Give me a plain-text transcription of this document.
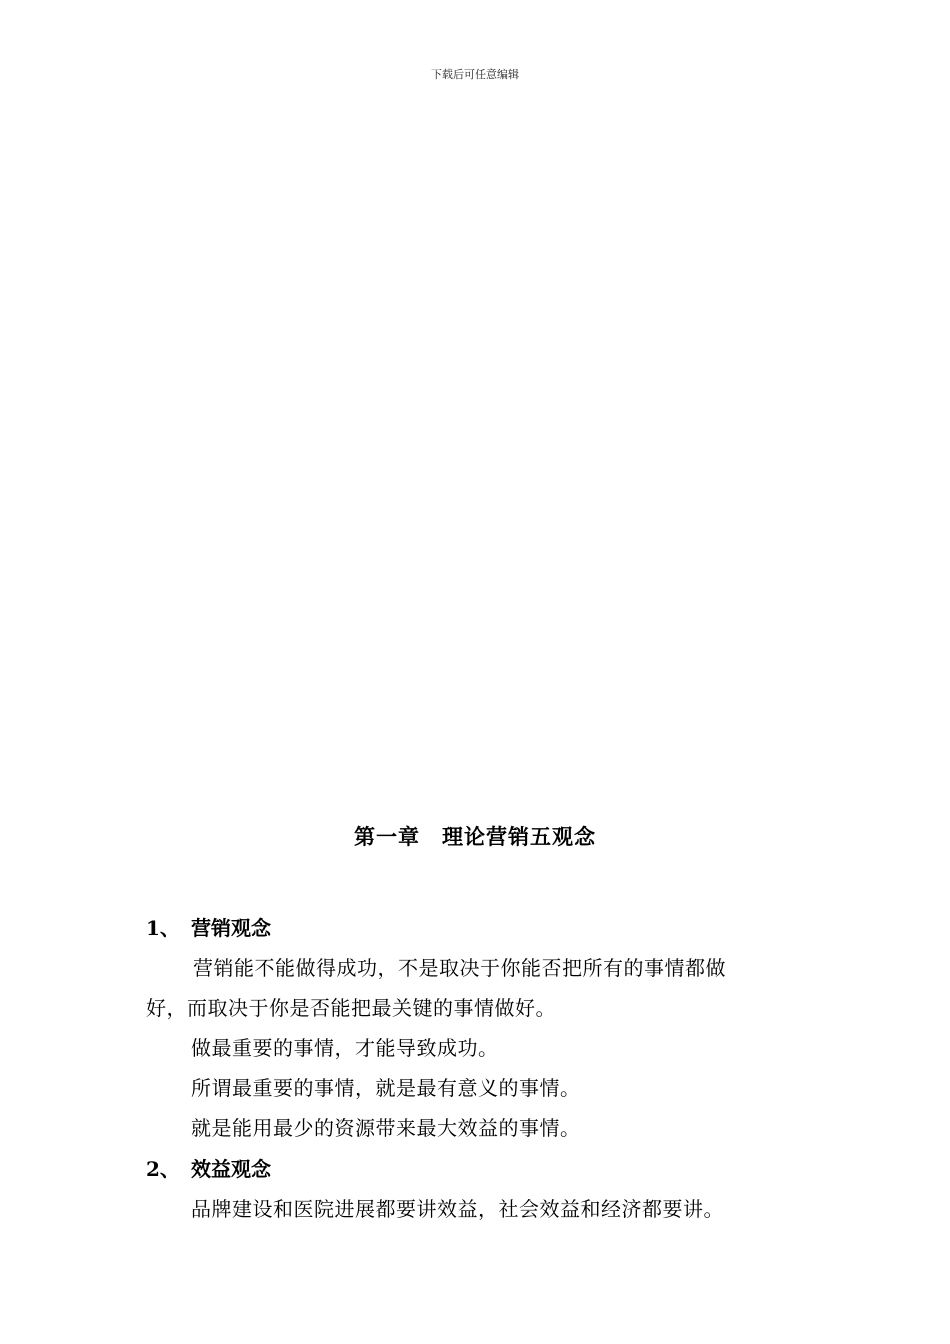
下载后可任意编辑
第一章　理论营销五观念
1、 营销观念
营销能不能做得成功，不是取决于你能否把所有的事情都做
好，而取决于你是否能把最关键的事情做好。
做最重要的事情，才能导致成功。
所谓最重要的事情，就是最有意义的事情。
就是能用最少的资源带来最大效益的事情。
2、 效益观念
品牌建设和医院进展都要讲效益，社会效益和经济都要讲。
